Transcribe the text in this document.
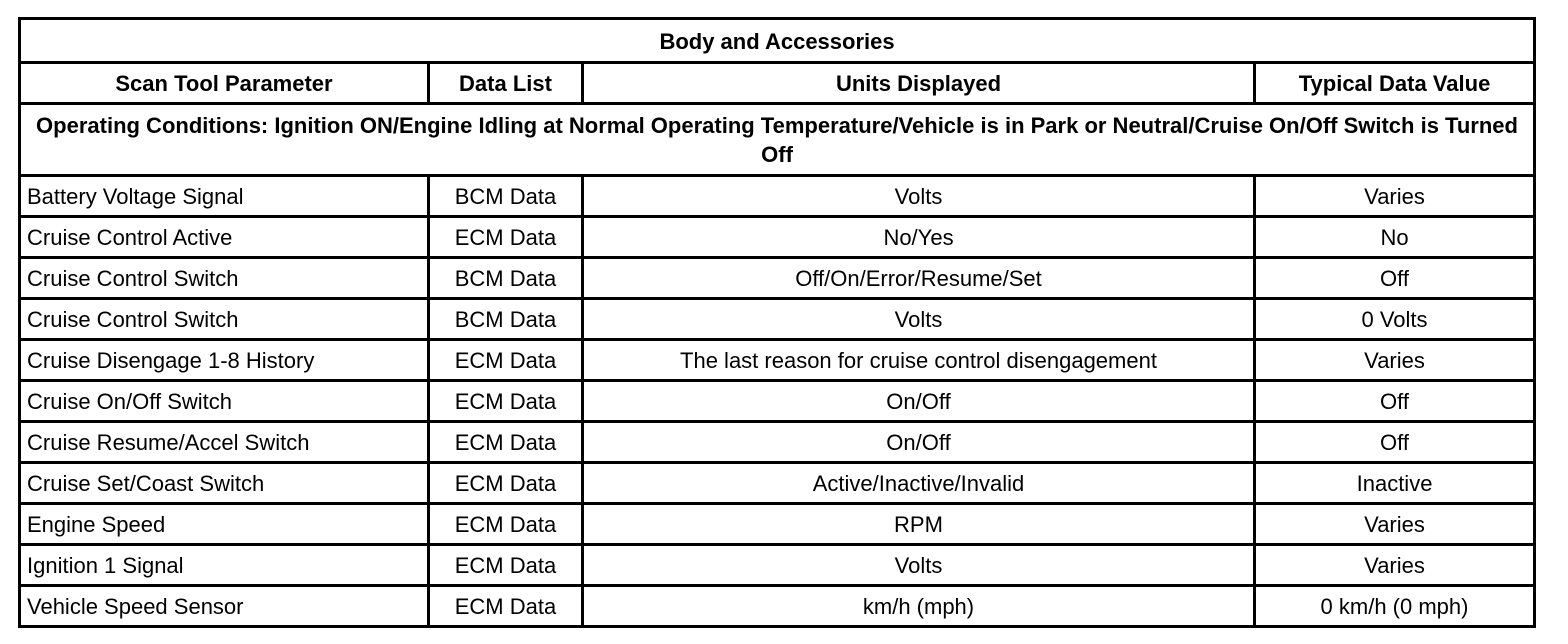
Body and Accessories			
Scan Tool Parameter	Data List	Units Displayed	Typical Data Value
Operating Conditions: Ignition ON/Engine Idling at Normal Operating Temperature/Vehicle is in Park or Neutral/Cruise On/Off Switch is Turned Off			
Battery Voltage Signal	BCM Data	Volts	Varies
Cruise Control Active	ECM Data	No/Yes	No
Cruise Control Switch	BCM Data	Off/On/Error/Resume/Set	Off
Cruise Control Switch	BCM Data	Volts	0 Volts
Cruise Disengage 1-8 History	ECM Data	The last reason for cruise control disengagement	Varies
Cruise On/Off Switch	ECM Data	On/Off	Off
Cruise Resume/Accel Switch	ECM Data	On/Off	Off
Cruise Set/Coast Switch	ECM Data	Active/Inactive/Invalid	Inactive
Engine Speed	ECM Data	RPM	Varies
Ignition 1 Signal	ECM Data	Volts	Varies
Vehicle Speed Sensor	ECM Data	km/h (mph)	0 km/h (0 mph)
